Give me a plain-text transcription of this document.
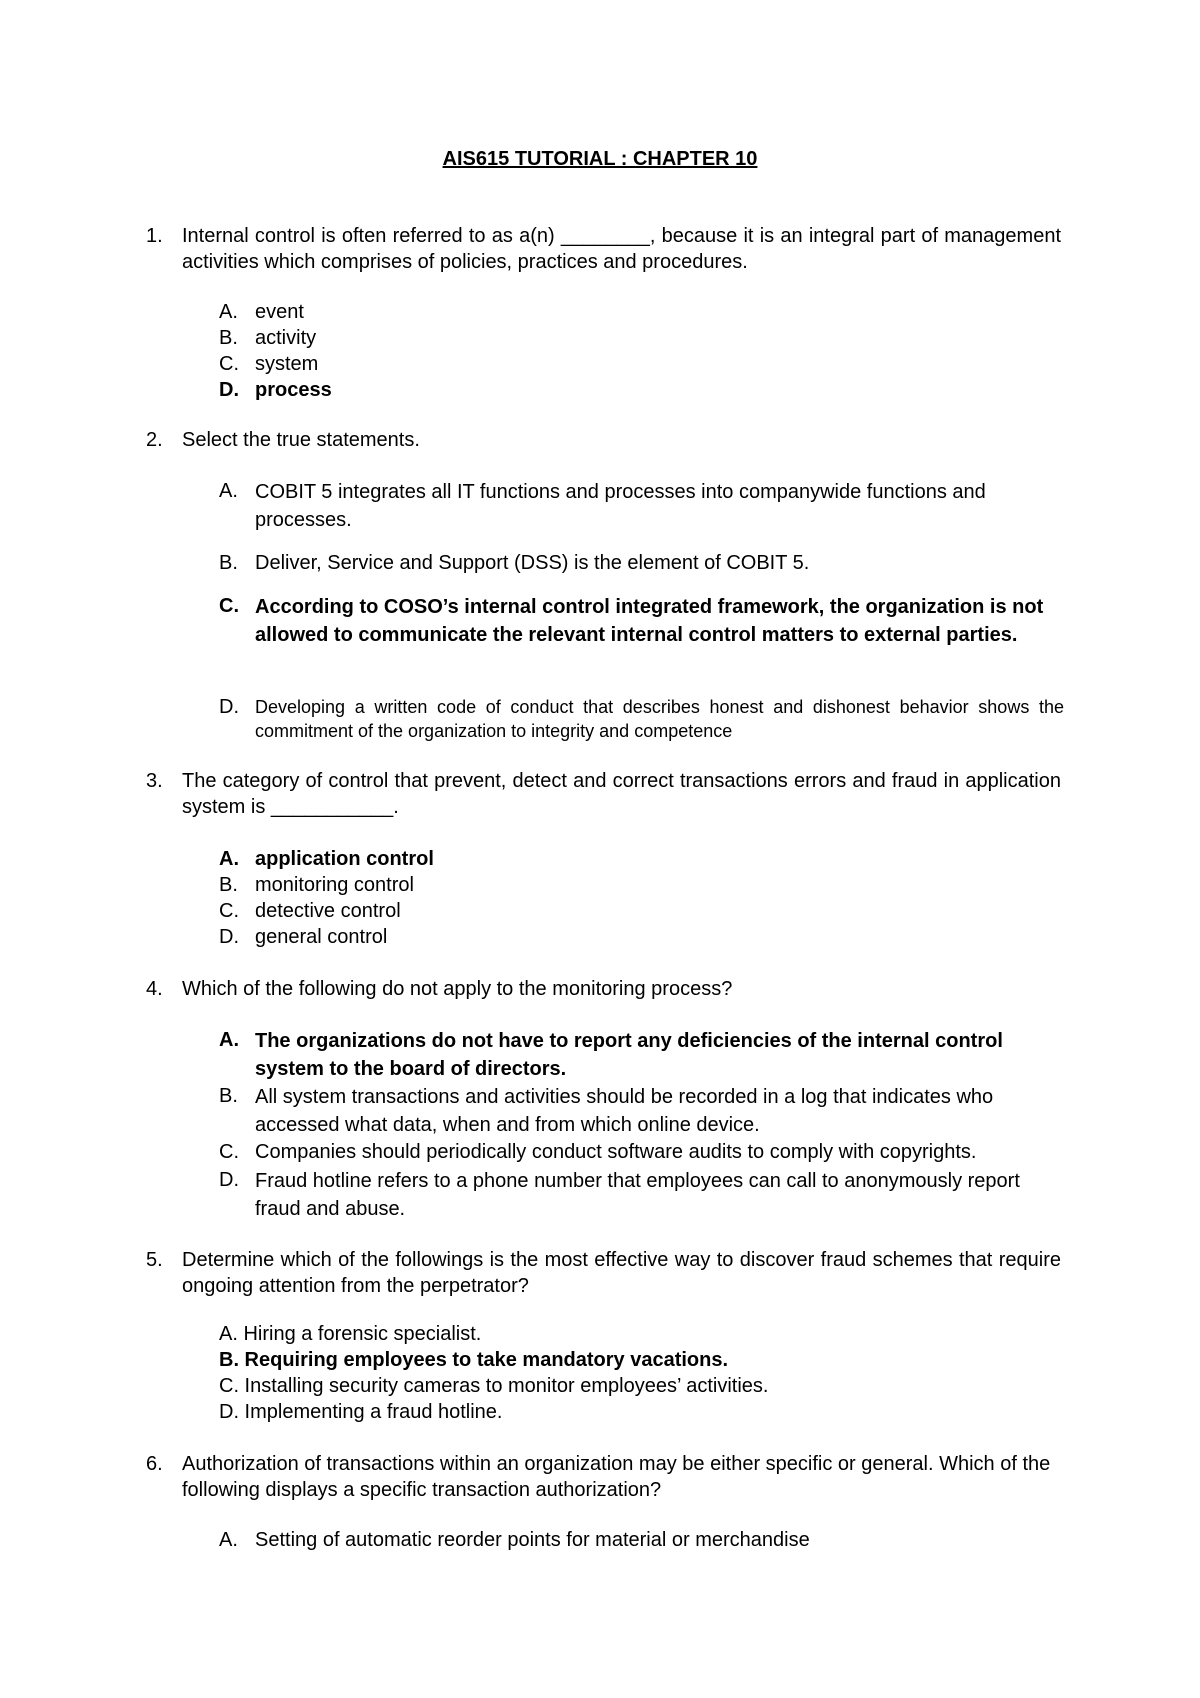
AIS615 TUTORIAL : CHAPTER 10
1. Internal control is often referred to as a(n) ________, because it is an integral part of management activities which comprises of policies, practices and procedures.
A. event
B. activity
C. system
D. process
2. Select the true statements.
A. COBIT 5 integrates all IT functions and processes into companywide functions and processes.
B. Deliver, Service and Support (DSS) is the element of COBIT 5.
C. According to COSO’s internal control integrated framework, the organization is not allowed to communicate the relevant internal control matters to external parties.
D. Developing a written code of conduct that describes honest and dishonest behavior shows the commitment of the organization to integrity and competence
3. The category of control that prevent, detect and correct transactions errors and fraud in application system is ___________.
A. application control
B. monitoring control
C. detective control
D. general control
4. Which of the following do not apply to the monitoring process?
A. The organizations do not have to report any deficiencies of the internal control system to the board of directors.
B. All system transactions and activities should be recorded in a log that indicates who accessed what data, when and from which online device.
C. Companies should periodically conduct software audits to comply with copyrights.
D. Fraud hotline refers to a phone number that employees can call to anonymously report fraud and abuse.
5. Determine which of the followings is the most effective way to discover fraud schemes that require ongoing attention from the perpetrator?
A. Hiring a forensic specialist.
B. Requiring employees to take mandatory vacations.
C. Installing security cameras to monitor employees’ activities.
D. Implementing a fraud hotline.
6. Authorization of transactions within an organization may be either specific or general. Which of the following displays a specific transaction authorization?
A. Setting of automatic reorder points for material or merchandise
